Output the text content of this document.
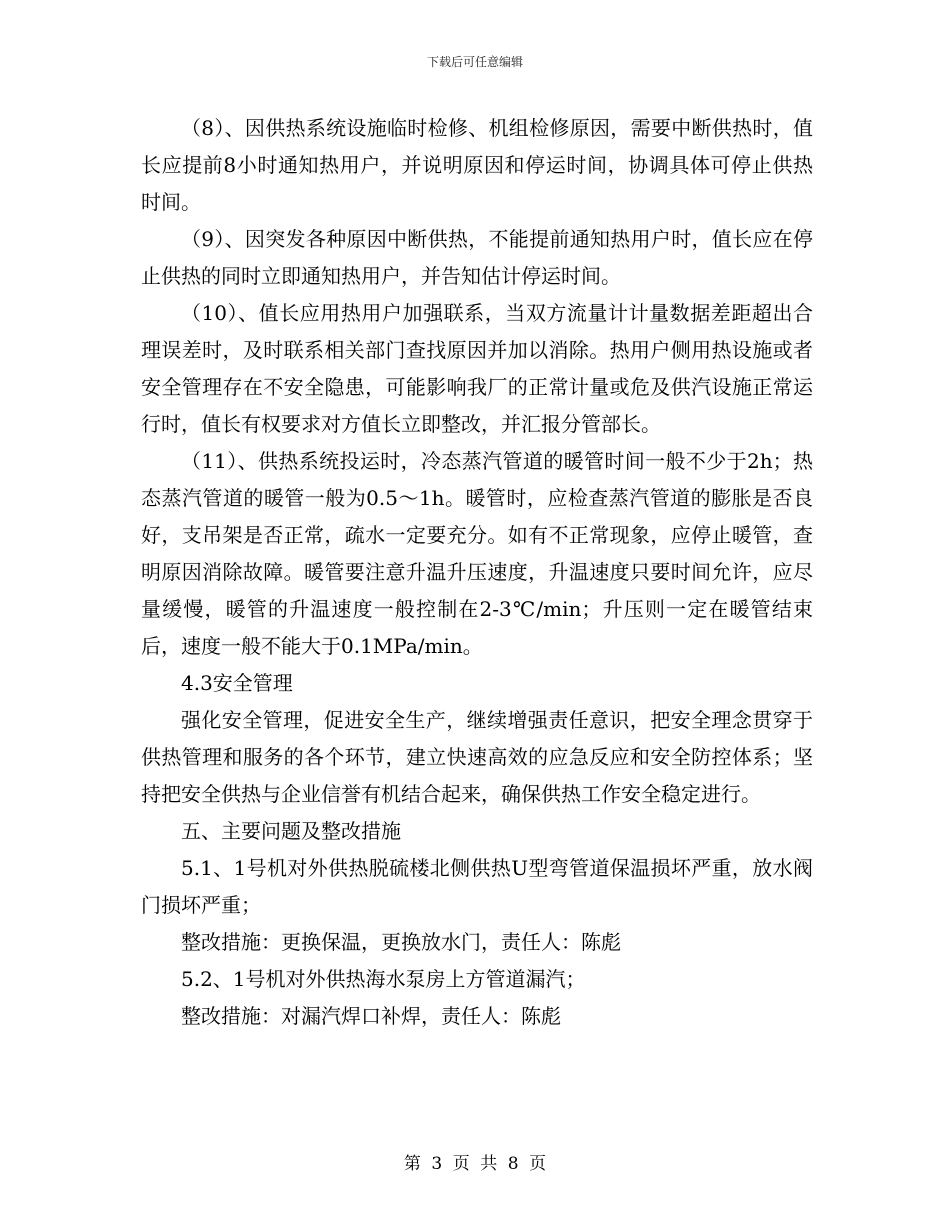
下载后可任意编辑

（8）、因供热系统设施临时检修、机组检修原因，需要中断供热时，值长应提前8小时通知热用户，并说明原因和停运时间，协调具体可停止供热时间。

（9）、因突发各种原因中断供热，不能提前通知热用户时，值长应在停止供热的同时立即通知热用户，并告知估计停运时间。

（10）、值长应用热用户加强联系，当双方流量计计量数据差距超出合理误差时，及时联系相关部门查找原因并加以消除。热用户侧用热设施或者安全管理存在不安全隐患，可能影响我厂的正常计量或危及供汽设施正常运行时，值长有权要求对方值长立即整改，并汇报分管部长。

（11）、供热系统投运时，冷态蒸汽管道的暖管时间一般不少于2h；热态蒸汽管道的暖管一般为0.5～1h。暖管时，应检查蒸汽管道的膨胀是否良好，支吊架是否正常，疏水一定要充分。如有不正常现象，应停止暖管，查明原因消除故障。暖管要注意升温升压速度，升温速度只要时间允许，应尽量缓慢，暖管的升温速度一般控制在2-3℃/min；升压则一定在暖管结束后，速度一般不能大于0.1MPa/min。

4.3安全管理

强化安全管理，促进安全生产，继续增强责任意识，把安全理念贯穿于供热管理和服务的各个环节，建立快速高效的应急反应和安全防控体系；坚持把安全供热与企业信誉有机结合起来，确保供热工作安全稳定进行。

五、主要问题及整改措施

5.1、1号机对外供热脱硫楼北侧供热U型弯管道保温损坏严重，放水阀门损坏严重；

整改措施：更换保温，更换放水门，责任人：陈彪

5.2、1号机对外供热海水泵房上方管道漏汽；

整改措施：对漏汽焊口补焊，责任人：陈彪

第 3 页 共 8 页
